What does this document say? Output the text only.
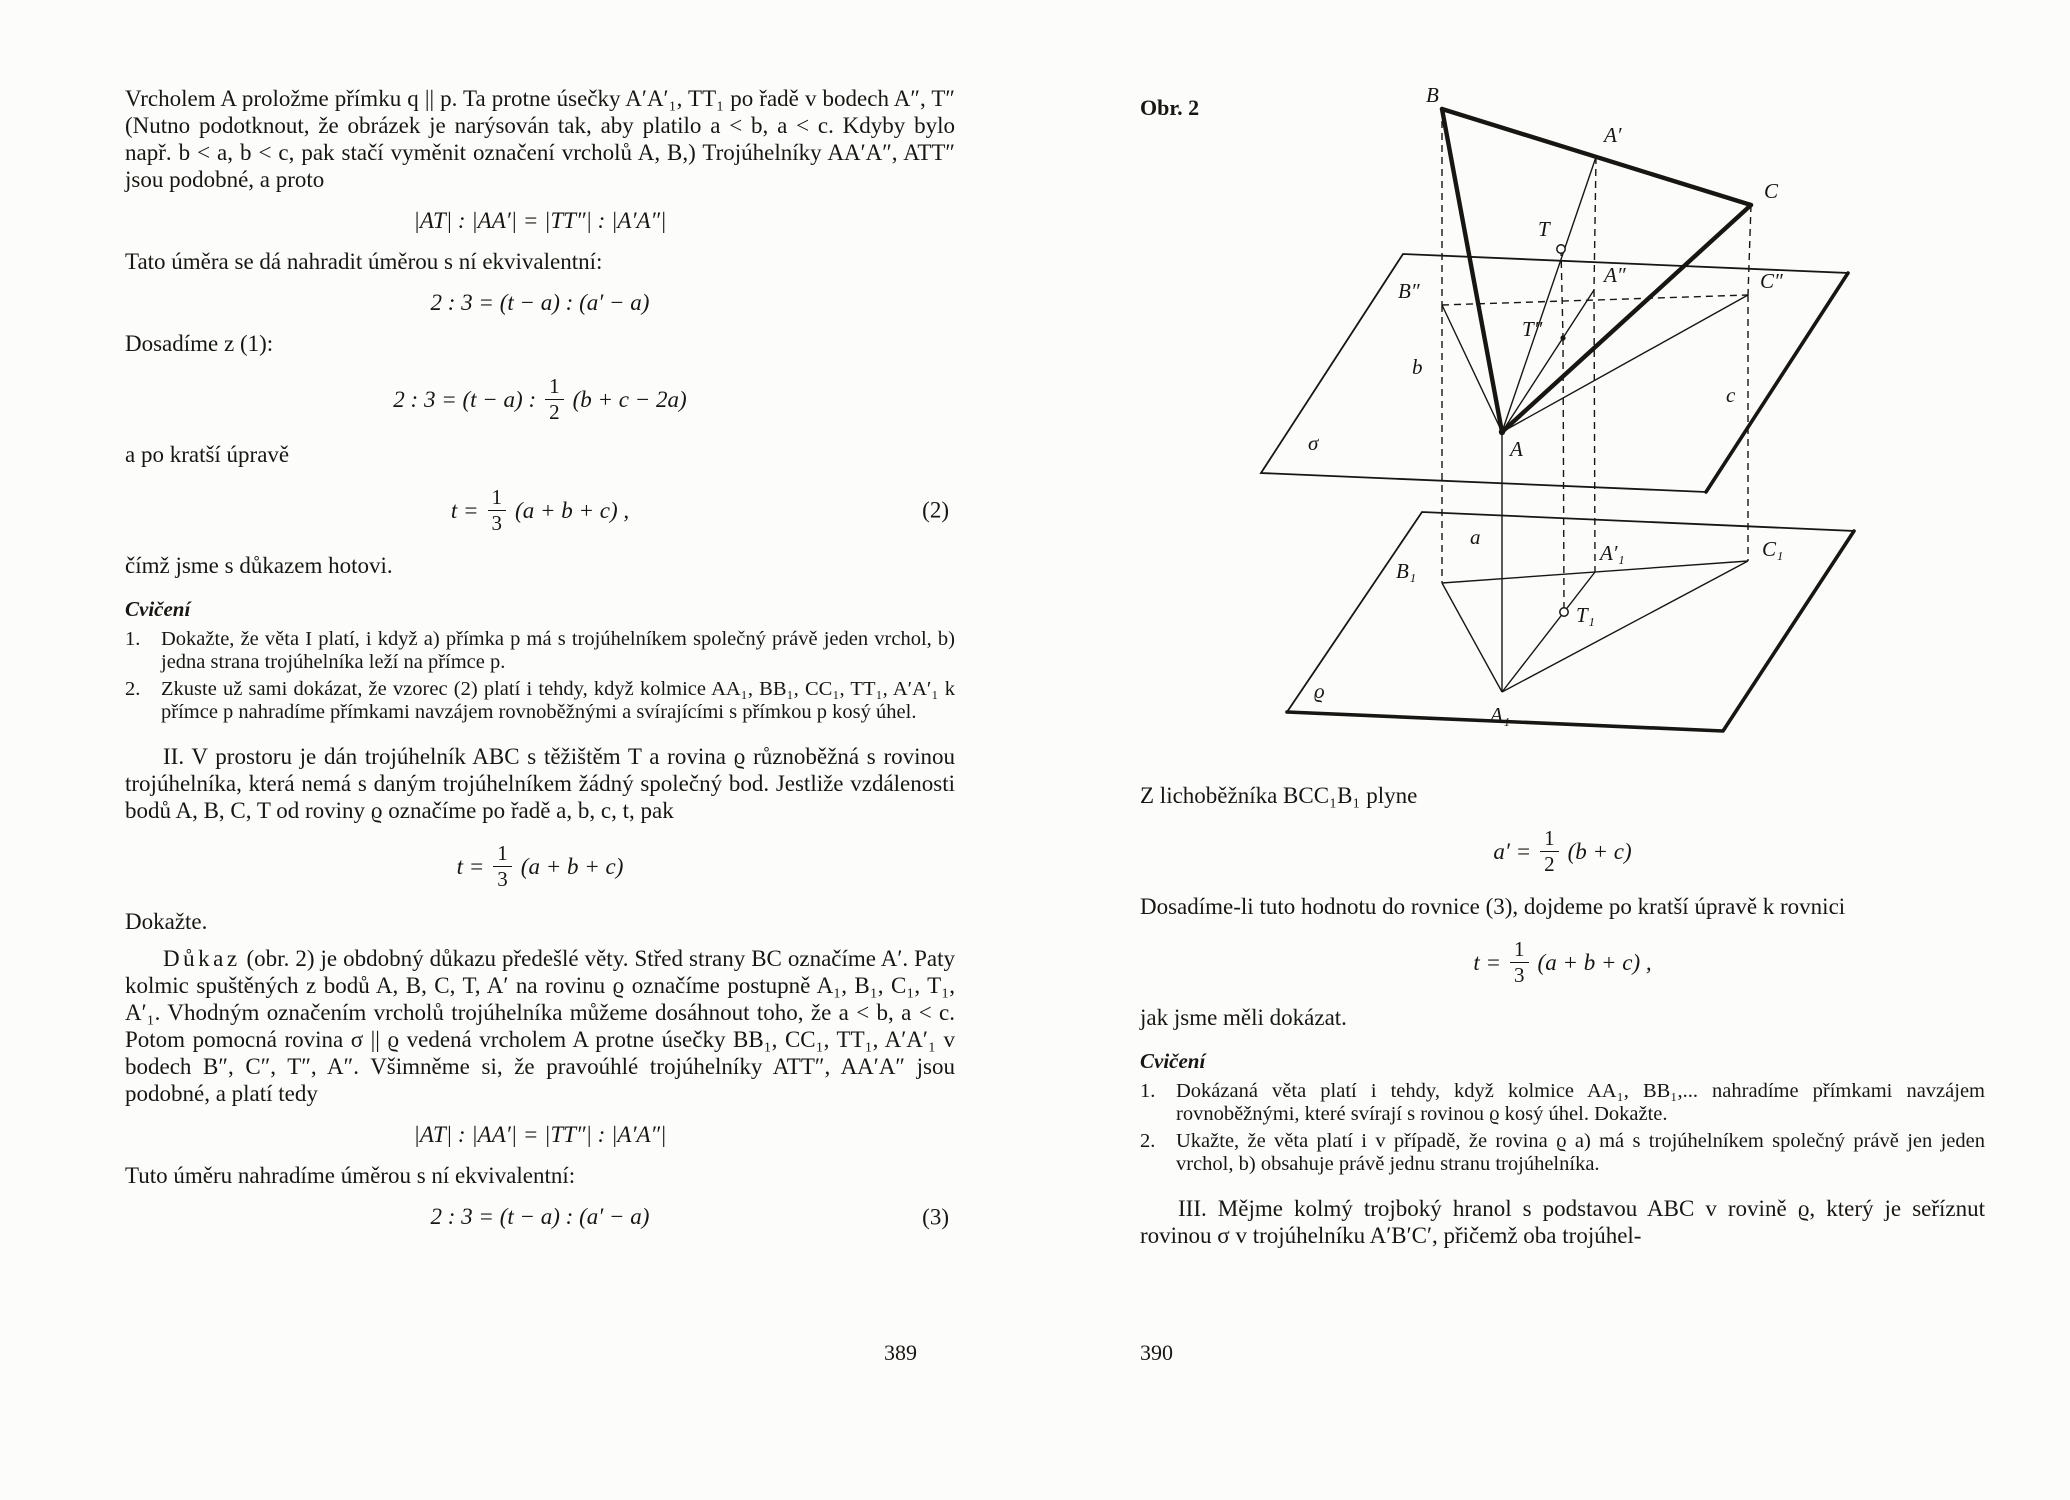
Vrcholem A proložme přímku q || p. Ta protne úsečky A′A′₁, TT₁ po řadě v bodech A″, T″ (Nutno podotknout, že obrázek je narýsován tak, aby platilo a < b, a < c. Kdyby bylo např. b < a, b < c, pak stačí vyměnit označení vrcholů A, B,) Trojúhelníky AA′A″, ATT″ jsou podobné, a proto

|AT| : |AA′| = |TT″| : |A′A″|

Tato úměra se dá nahradit úměrou s ní ekvivalentní:

2 : 3 = (t − a) : (a′ − a)

Dosadíme z (1):

2 : 3 = (t − a) : $\frac{1}{2} (b + c - 2a)$

a po kratší úpravě

$t = \frac{1}{3} (a + b + c)$ ,	(2)

čímž jsme s důkazem hotovi.

Cvičení
1.	Dokažte, že věta I platí, i když a) přímka p má s trojúhelníkem společný právě jeden vrchol, b) jedna strana trojúhelníka leží na přímce p.
2.	Zkuste už sami dokázat, že vzorec (2) platí i tehdy, když kolmice AA₁, BB₁, CC₁, TT₁, A′A′₁ k přímce p nahradíme přímkami navzájem rovnoběžnými a svírajícími s přímkou p kosý úhel.

II. V prostoru je dán trojúhelník ABC s těžištěm T a rovina ϱ různoběžná s rovinou trojúhelníka, která nemá s daným trojúhelníkem žádný společný bod. Jestliže vzdálenosti bodů A, B, C, T od roviny ϱ označíme po řadě a, b, c, t, pak

$t = \frac{1}{3} (a + b + c)$

Dokažte.

Důkaz (obr. 2) je obdobný důkazu předešlé věty. Střed strany BC označíme A′. Paty kolmic spuštěných z bodů A, B, C, T, A′ na rovinu ϱ označíme postupně A₁, B₁, C₁, T₁, A′₁. Vhodným označením vrcholů trojúhelníka můžeme dosáhnout toho, že a < b, a < c. Potom pomocná rovina σ || ϱ vedená vrcholem A protne úsečky BB₁, CC₁, TT₁, A′A′₁ v bodech B″, C″, T″, A″. Všimněme si, že pravoúhlé trojúhelníky ATT″, AA′A″ jsou podobné, a platí tedy

|AT| : |AA′| = |TT″| : |A′A″|

Tuto úměru nahradíme úměrou s ní ekvivalentní:

2 : 3 = (t − a) : (a′ − a)	(3)
389
Obr. 2	B
A′
C
T
B″
A″
T″
C″
b
c
A
σ
a
A′₁
B₁
C₁
T₁
A₁
ϱ

Z lichoběžníka BCC₁B₁ plyne

$a' = \frac{1}{2} (b + c)$

Dosadíme-li tuto hodnotu do rovnice (3), dojdeme po kratší úpravě k rovnici

$t = \frac{1}{3} (a + b + c)$ ,

jak jsme měli dokázat.

Cvičení
1.	Dokázaná věta platí i tehdy, když kolmice AA₁, BB₁,... nahradíme přímkami navzájem rovnoběžnými, které svírají s rovinou ϱ kosý úhel. Dokažte.
2.	Ukažte, že věta platí i v případě, že rovina ϱ a) má s trojúhelníkem společný právě jen jeden vrchol, b) obsahuje právě jednu stranu trojúhelníka.

III. Mějme kolmý trojboký hranol s podstavou ABC v rovině ϱ, který je seříznut rovinou σ v trojúhelníku A′B′C′, přičemž oba trojúhel-

390
